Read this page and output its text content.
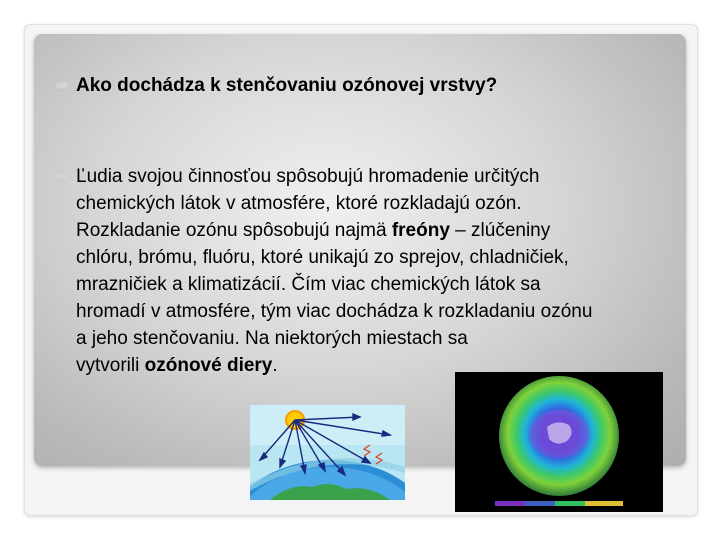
Ako dochádza k stenčovaniu ozónovej vrstvy?
Ľudia svojou činnosťou spôsobujú hromadenie určitých
chemických látok v atmosfére, ktoré rozkladajú ozón.
Rozkladanie ozónu spôsobujú najmä freóny – zlúčeniny
chlóru, brómu, fluóru, ktoré unikajú zo sprejov, chladničiek,
mrazničiek a klimatizácií. Čím viac chemických látok sa
hromadí v atmosfére, tým viac dochádza k rozkladaniu ozónu
a jeho stenčovaniu. Na niektorých miestach sa
vytvorili ozónové diery.
